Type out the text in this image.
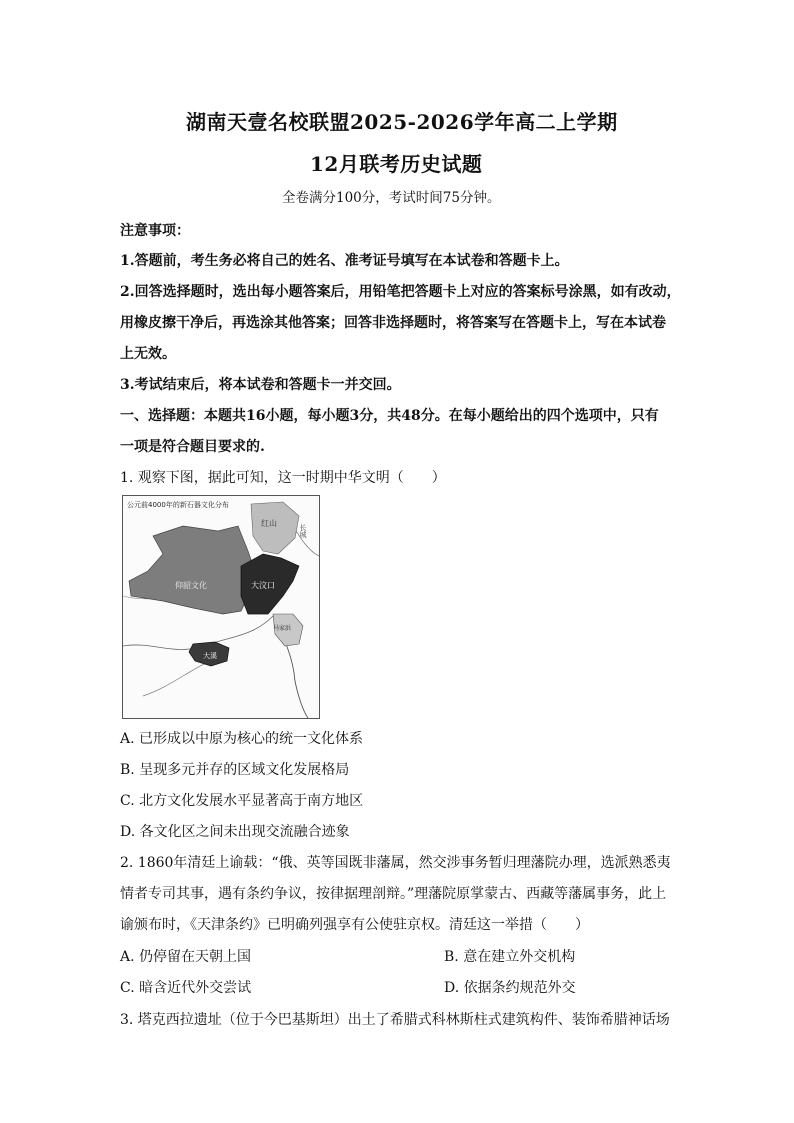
湖南天壹名校联盟2025-2026学年高二上学期
12月联考历史试题
全卷满分100分，考试时间75分钟。
注意事项：
1.答题前，考生务必将自己的姓名、准考证号填写在本试卷和答题卡上。
2.回答选择题时，选出每小题答案后，用铅笔把答题卡上对应的答案标号涂黑，如有改动，
用橡皮擦干净后，再选涂其他答案；回答非选择题时，将答案写在答题卡上，写在本试卷
上无效。
3.考试结束后，将本试卷和答题卡一并交回。
一、选择题：本题共16小题，每小题3分，共48分。在每小题给出的四个选项中，只有
一项是符合题目要求的.
1. 观察下图，据此可知，这一时期中华文明（　　）
公元前4000年的新石器文化分布
红山
仰韶文化	大汶口
马家浜
大溪
长城
A. 已形成以中原为核心的统一文化体系
B. 呈现多元并存的区域文化发展格局
C. 北方文化发展水平显著高于南方地区
D. 各文化区之间未出现交流融合迹象
2. 1860年清廷上谕载：“俄、英等国既非藩属，然交涉事务暂归理藩院办理，选派熟悉夷
情者专司其事，遇有条约争议，按律据理剖辩。”理藩院原掌蒙古、西藏等藩属事务，此上
谕颁布时，《天津条约》已明确列强享有公使驻京权。清廷这一举措（　　）
A. 仍停留在天朝上国	B. 意在建立外交机构
C. 暗含近代外交尝试	D. 依据条约规范外交
3. 塔克西拉遗址（位于今巴基斯坦）出土了希腊式科林斯柱式建筑构件、装饰希腊神话场
